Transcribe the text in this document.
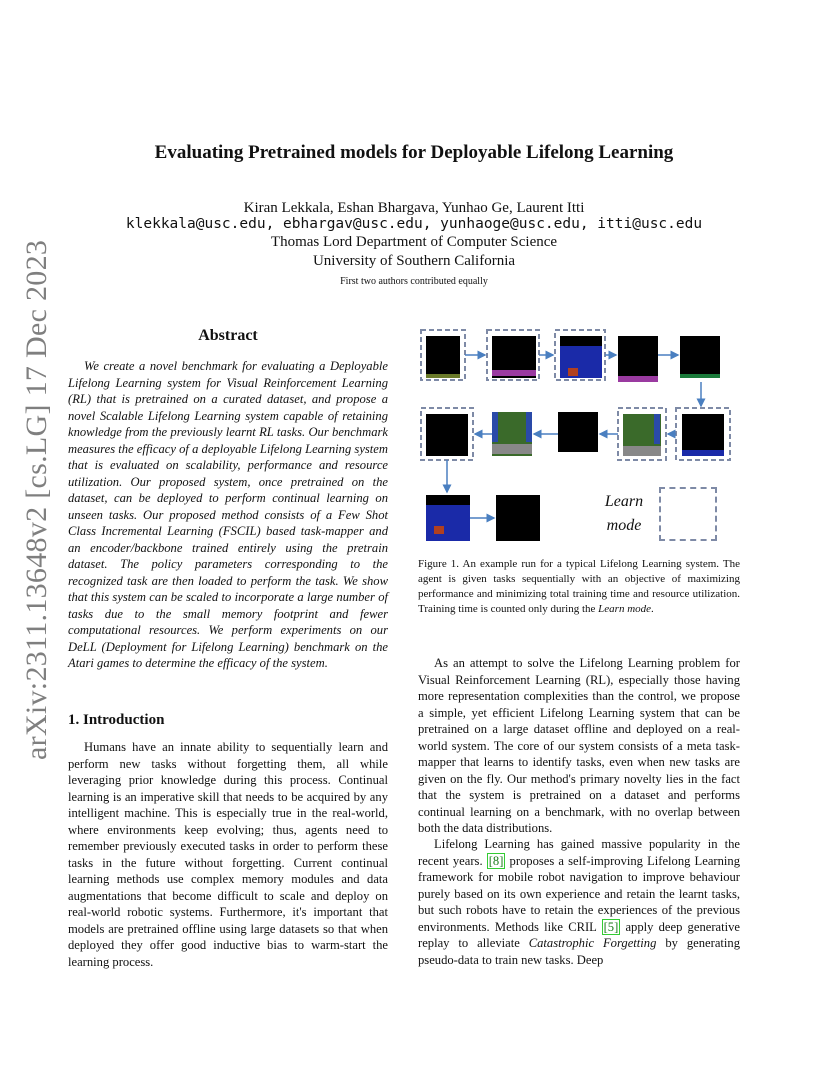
arXiv:2311.13648v2 [cs.LG] 17 Dec 2023
Evaluating Pretrained models for Deployable Lifelong Learning
Kiran Lekkala, Eshan Bhargava, Yunhao Ge, Laurent Itti
klekkala@usc.edu, ebhargav@usc.edu, yunhaoge@usc.edu, itti@usc.edu
Thomas Lord Department of Computer Science
University of Southern California
First two authors contributed equally
Abstract

We create a novel benchmark for evaluating a Deployable Lifelong Learning system for Visual Reinforcement Learning (RL) that is pretrained on a curated dataset, and propose a novel Scalable Lifelong Learning system capable of retaining knowledge from the previously learnt RL tasks. Our benchmark measures the efficacy of a deployable Lifelong Learning system that is evaluated on scalability, performance and resource utilization. Our proposed system, once pretrained on the dataset, can be deployed to perform continual learning on unseen tasks. Our proposed method consists of a Few Shot Class Incremental Learning (FSCIL) based task-mapper and an encoder/backbone trained entirely using the pretrain dataset. The policy parameters corresponding to the recognized task are then loaded to perform the task. We show that this system can be scaled to incorporate a large number of tasks due to the small memory footprint and fewer computational resources. We perform experiments on our DeLL (Deployment for Lifelong Learning) benchmark on the Atari games to determine the efficacy of the system.

1. Introduction

Humans have an innate ability to sequentially learn and perform new tasks without forgetting them, all while leveraging prior knowledge during this process. Continual learning is an imperative skill that needs to be acquired by any intelligent machine. This is especially true in the real-world, where environments keep evolving; thus, agents need to remember previously executed tasks in order to perform these tasks in the future without forgetting. Current continual learning methods use complex memory modules and data augmentations that become difficult to scale and deploy on real-world robotic systems. Furthermore, it's important that models are pretrained offline using large datasets so that when deployed they offer good inductive bias to warm-start the learning process.

Learn
mode

Figure 1. An example run for a typical Lifelong Learning system. The agent is given tasks sequentially with an objective of maximizing performance and minimizing total training time and resource utilization. Training time is counted only during the Learn mode.

As an attempt to solve the Lifelong Learning problem for Visual Reinforcement Learning (RL), especially those having more representation complexities than the control, we propose a simple, yet efficient Lifelong Learning system that can be pretrained on a large dataset offline and deployed on a real-world system. The core of our system consists of a meta task-mapper that learns to identify tasks, even when new tasks are given on the fly. Our method's primary novelty lies in the fact that the system is pretrained on a dataset and performs continual learning on a benchmark, with no overlap between both the data distributions.

Lifelong Learning has gained massive popularity in the recent years. [8] proposes a self-improving Lifelong Learning framework for mobile robot navigation to improve behaviour purely based on its own experience and retain the learnt tasks, but such robots have to retain the experiences of the previous environments. Methods like CRIL [5] apply deep generative replay to alleviate Catastrophic Forgetting by generating pseudo-data to train new tasks. Deep
